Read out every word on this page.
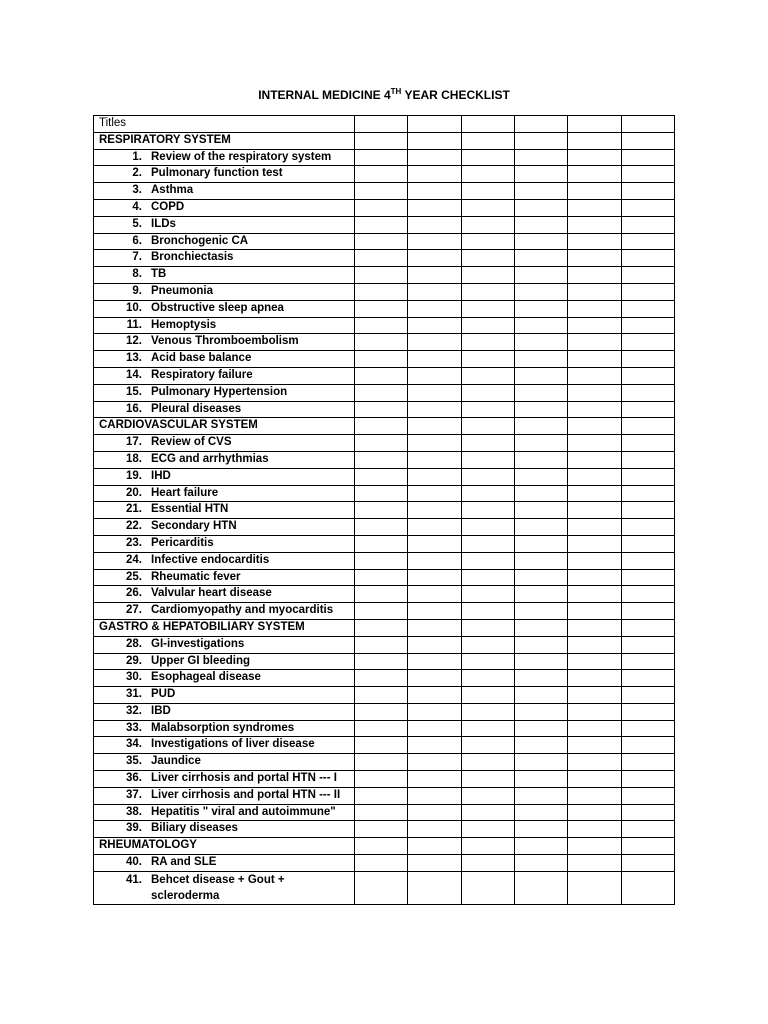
INTERNAL MEDICINE 4TH YEAR CHECKLIST
Titles						
RESPIRATORY SYSTEM						
1. Review of the respiratory system						
2. Pulmonary function test						
3. Asthma						
4. COPD						
5. ILDs						
6. Bronchogenic CA						
7. Bronchiectasis						
8. TB						
9. Pneumonia						
10. Obstructive sleep apnea						
11. Hemoptysis						
12. Venous Thromboembolism						
13. Acid base balance						
14. Respiratory failure						
15. Pulmonary Hypertension						
16. Pleural diseases						
CARDIOVASCULAR SYSTEM						
17. Review of CVS						
18. ECG and arrhythmias						
19. IHD						
20. Heart failure						
21. Essential HTN						
22. Secondary HTN						
23. Pericarditis						
24. Infective endocarditis						
25. Rheumatic fever						
26. Valvular heart disease						
27. Cardiomyopathy and myocarditis						
GASTRO & HEPATOBILIARY SYSTEM						
28. GI-investigations						
29. Upper GI bleeding						
30. Esophageal disease						
31. PUD						
32. IBD						
33. Malabsorption syndromes						
34. Investigations of liver disease						
35. Jaundice						
36. Liver cirrhosis and portal HTN --- I						
37. Liver cirrhosis and portal HTN --- II						
38. Hepatitis " viral and autoimmune"						
39. Biliary diseases						
RHEUMATOLOGY						
40. RA and SLE						
41. Behcet disease + Gout + scleroderma						
